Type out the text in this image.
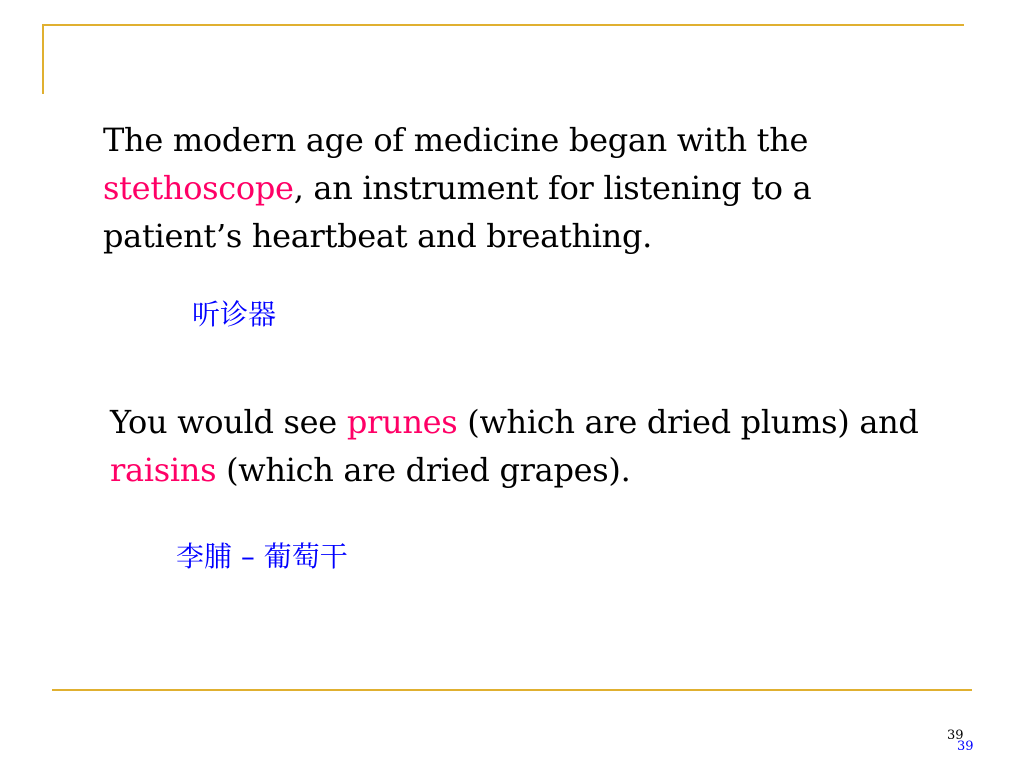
The modern age of medicine began with the stethoscope, an instrument for listening to a patient’s heartbeat and breathing.

听诊器

You would see prunes (which are dried plums) and raisins (which are dried grapes).

李脯 – 葡萄干
39
39
